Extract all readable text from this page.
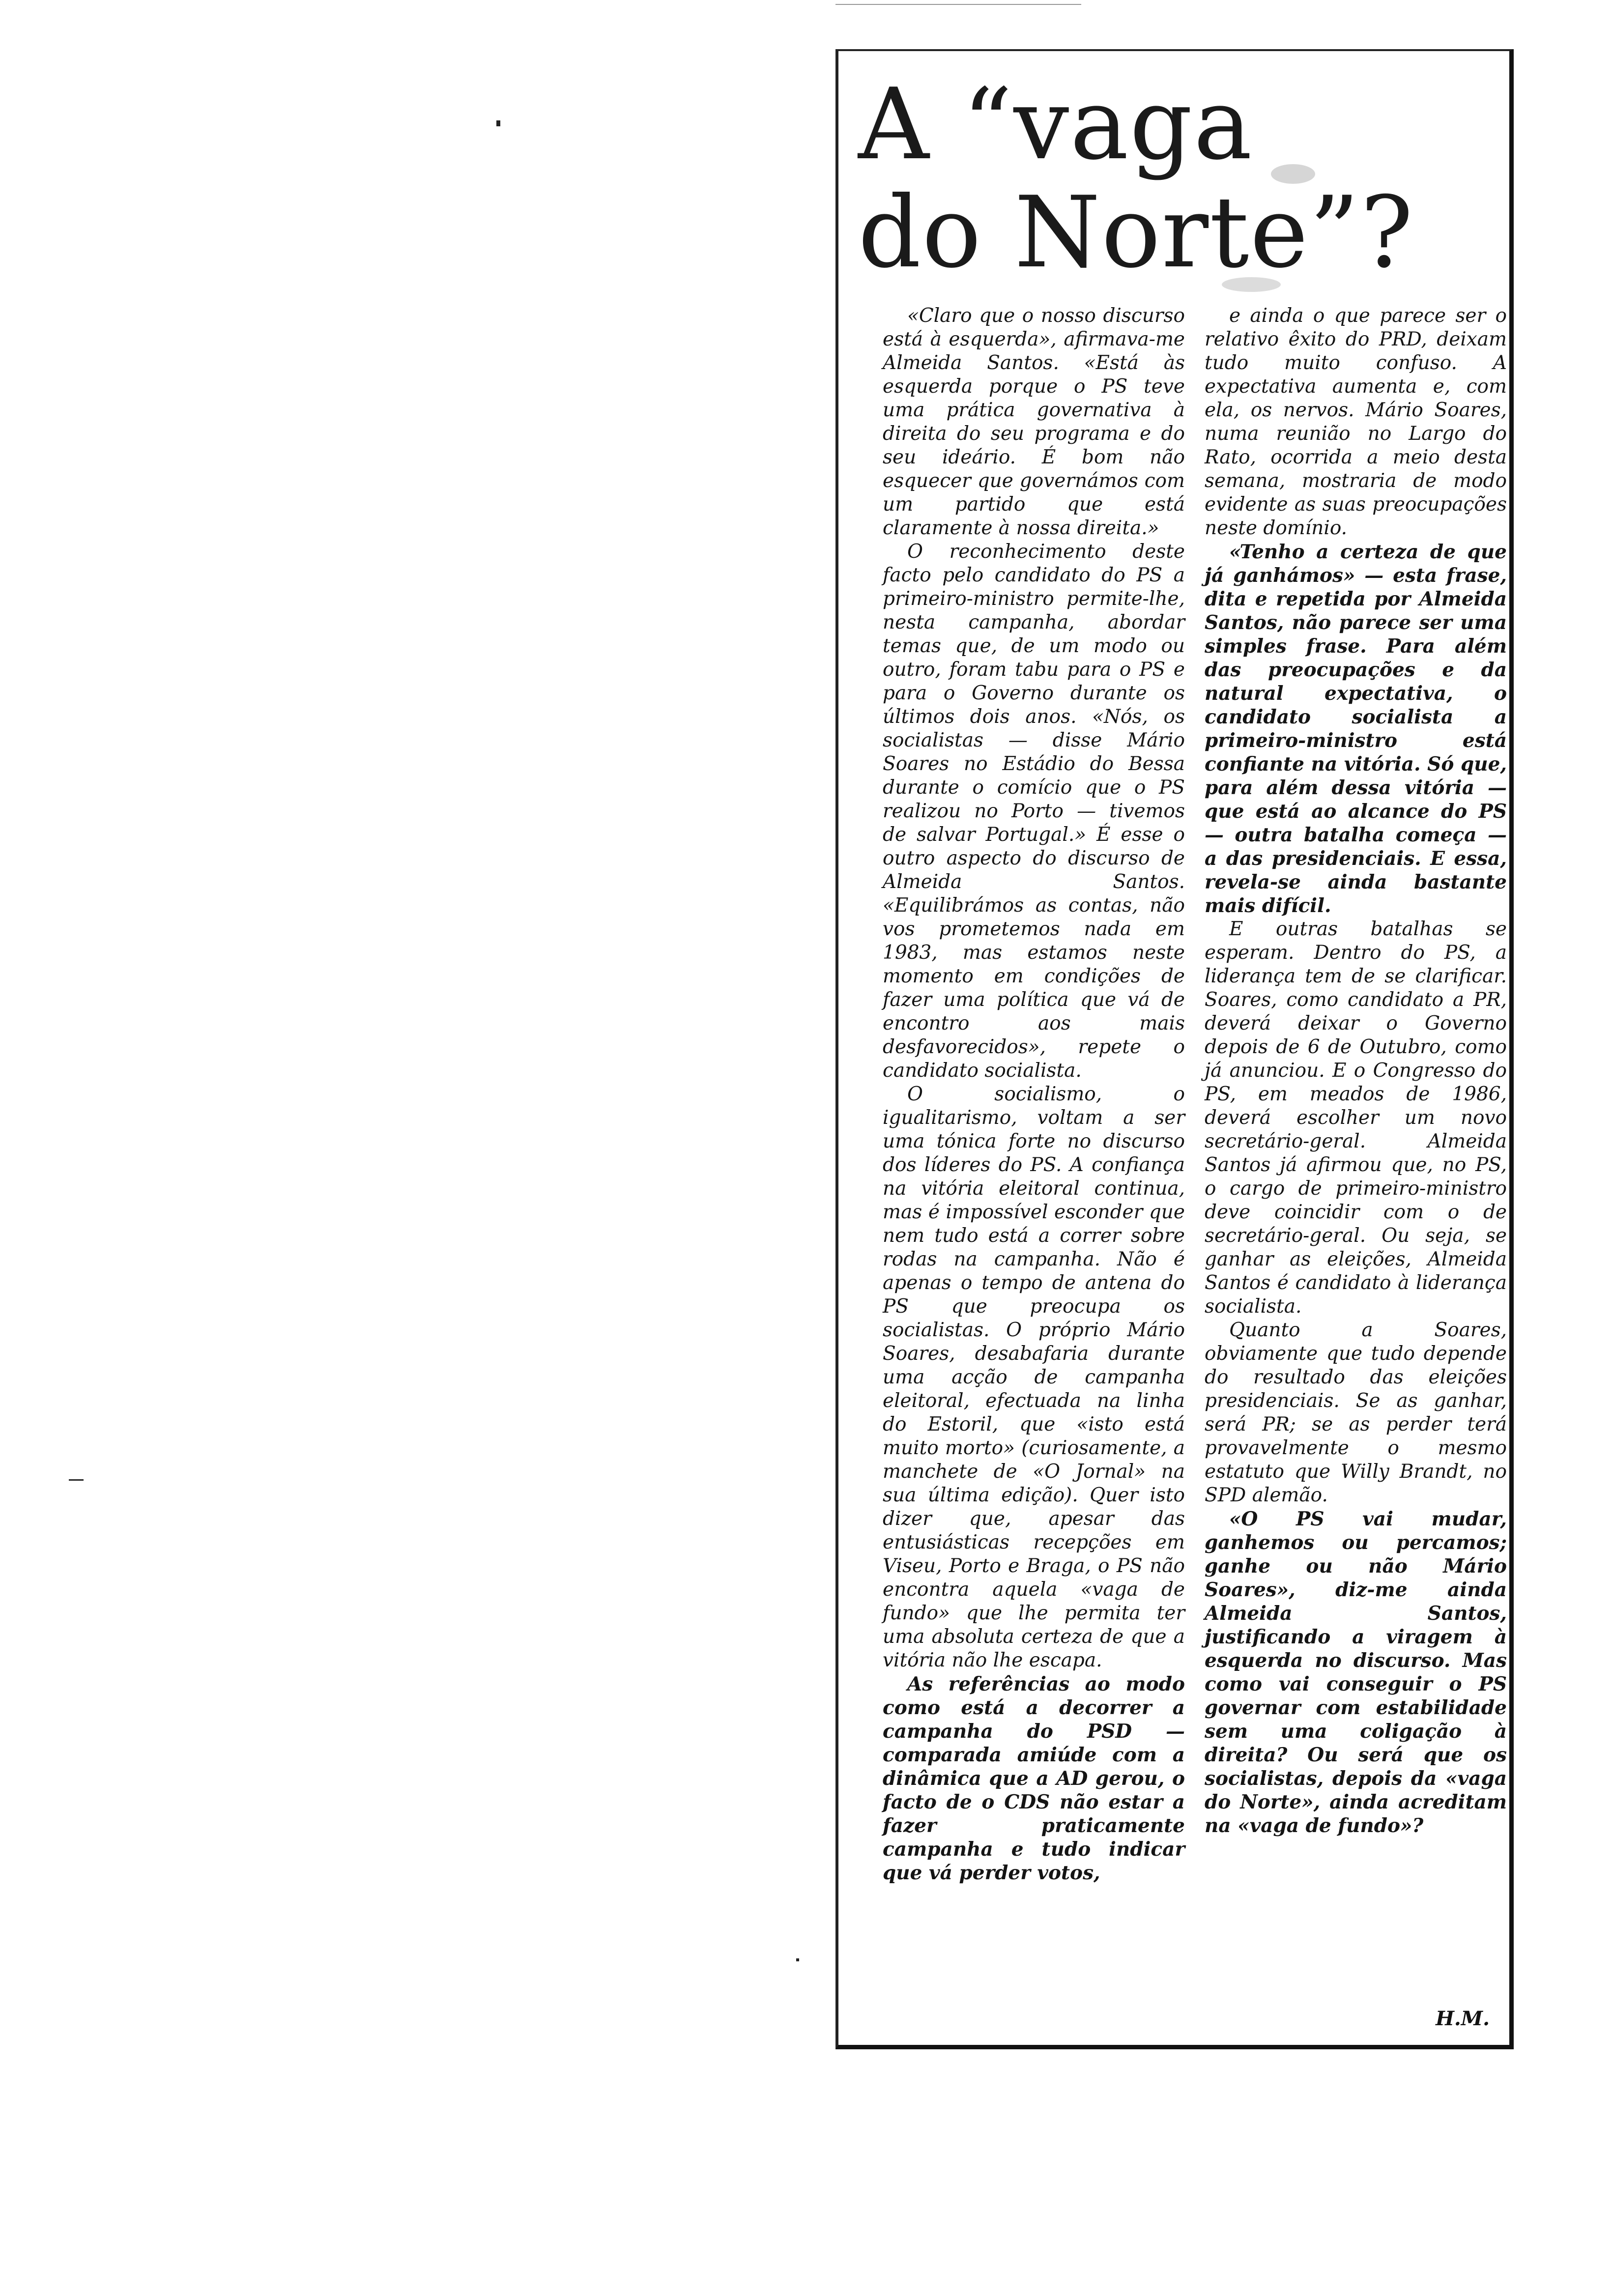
A “vaga
do Norte”?

«Claro que o nosso discurso está à esquerda», afirmava-me Almeida Santos. «Está às esquerda porque o PS teve uma prática governativa à direita do seu programa e do seu ideário. É bom não esquecer que governámos com um partido que está claramente à nossa direita.»

O reconhecimento deste facto pelo candidato do PS a primeiro-ministro permite-lhe, nesta campanha, abordar temas que, de um modo ou outro, foram tabu para o PS e para o Governo durante os últimos dois anos. «Nós, os socialistas — disse Mário Soares no Estádio do Bessa durante o comício que o PS realizou no Porto — tivemos de salvar Portugal.» É esse o outro aspecto do discurso de Almeida Santos. «Equilibrámos as contas, não vos prometemos nada em 1983, mas estamos neste momento em condições de fazer uma política que vá de encontro aos mais desfavorecidos», repete o candidato socialista.

O socialismo, o igualitarismo, voltam a ser uma tónica forte no discurso dos líderes do PS. A confiança na vitória eleitoral continua, mas é impossível esconder que nem tudo está a correr sobre rodas na campanha. Não é apenas o tempo de antena do PS que preocupa os socialistas. O próprio Mário Soares, desabafaria durante uma acção de campanha eleitoral, efectuada na linha do Estoril, que «isto está muito morto» (curiosamente, a manchete de «O Jornal» na sua última edição). Quer isto dizer que, apesar das entusiásticas recepções em Viseu, Porto e Braga, o PS não encontra aquela «vaga de fundo» que lhe permita ter uma absoluta certeza de que a vitória não lhe escapa.

As referências ao modo como está a decorrer a campanha do PSD — comparada amiúde com a dinâmica que a AD gerou, o facto de o CDS não estar a fazer praticamente campanha e tudo indicar que vá perder votos,

e ainda o que parece ser o relativo êxito do PRD, deixam tudo muito confuso. A expectativa aumenta e, com ela, os nervos. Mário Soares, numa reunião no Largo do Rato, ocorrida a meio desta semana, mostraria de modo evidente as suas preocupações neste domínio.

«Tenho a certeza de que já ganhámos» — esta frase, dita e repetida por Almeida Santos, não parece ser uma simples frase. Para além das preocupações e da natural expectativa, o candidato socialista a primeiro-ministro está confiante na vitória. Só que, para além dessa vitória — que está ao alcance do PS — outra batalha começa — a das presidenciais. E essa, revela-se ainda bastante mais difícil.

E outras batalhas se esperam. Dentro do PS, a liderança tem de se clarificar. Soares, como candidato a PR, deverá deixar o Governo depois de 6 de Outubro, como já anunciou. E o Congresso do PS, em meados de 1986, deverá escolher um novo secretário-geral. Almeida Santos já afirmou que, no PS, o cargo de primeiro-ministro deve coincidir com o de secretário-geral. Ou seja, se ganhar as eleições, Almeida Santos é candidato à liderança socialista.

Quanto a Soares, obviamente que tudo depende do resultado das eleições presidenciais. Se as ganhar, será PR; se as perder terá provavelmente o mesmo estatuto que Willy Brandt, no SPD alemão.

«O PS vai mudar, ganhemos ou percamos; ganhe ou não Mário Soares», diz-me ainda Almeida Santos, justificando a viragem à esquerda no discurso. Mas como vai conseguir o PS governar com estabilidade sem uma coligação à direita? Ou será que os socialistas, depois da «vaga do Norte», ainda acreditam na «vaga de fundo»?

H.M.
